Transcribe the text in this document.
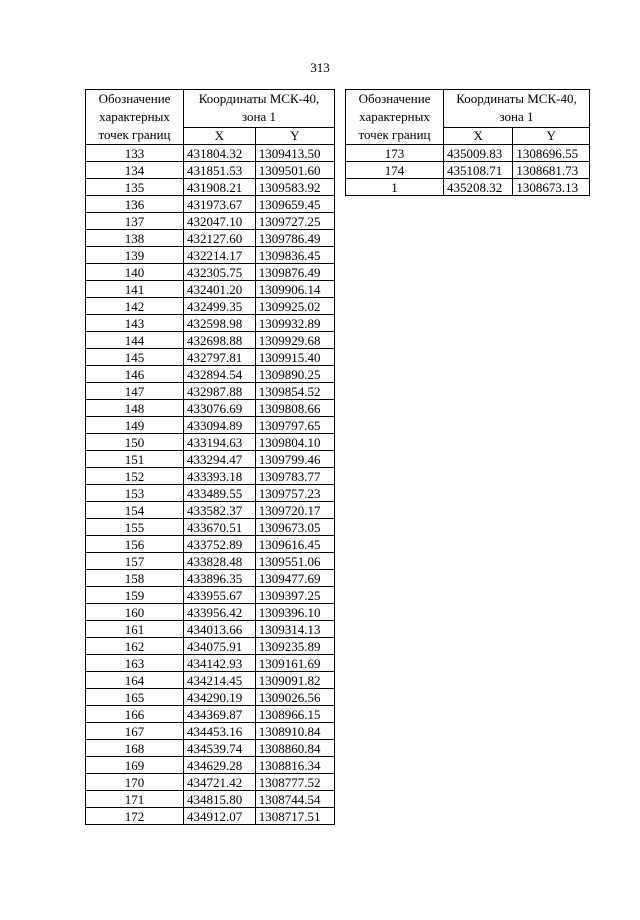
313
Обозначение
характерных
точек границ	Координаты МСК-40,
зона 1	
	X	Y
133	431804.32	1309413.50
134	431851.53	1309501.60
135	431908.21	1309583.92
136	431973.67	1309659.45
137	432047.10	1309727.25
138	432127.60	1309786.49
139	432214.17	1309836.45
140	432305.75	1309876.49
141	432401.20	1309906.14
142	432499.35	1309925.02
143	432598.98	1309932.89
144	432698.88	1309929.68
145	432797.81	1309915.40
146	432894.54	1309890.25
147	432987.88	1309854.52
148	433076.69	1309808.66
149	433094.89	1309797.65
150	433194.63	1309804.10
151	433294.47	1309799.46
152	433393.18	1309783.77
153	433489.55	1309757.23
154	433582.37	1309720.17
155	433670.51	1309673.05
156	433752.89	1309616.45
157	433828.48	1309551.06
158	433896.35	1309477.69
159	433955.67	1309397.25
160	433956.42	1309396.10
161	434013.66	1309314.13
162	434075.91	1309235.89
163	434142.93	1309161.69
164	434214.45	1309091.82
165	434290.19	1309026.56
166	434369.87	1308966.15
167	434453.16	1308910.84
168	434539.74	1308860.84
169	434629.28	1308816.34
170	434721.42	1308777.52
171	434815.80	1308744.54
172	434912.07	1308717.51
Обозначение
характерных
точек границ	Координаты МСК-40,
зона 1	
	X	Y
173	435009.83	1308696.55
174	435108.71	1308681.73
1	435208.32	1308673.13
